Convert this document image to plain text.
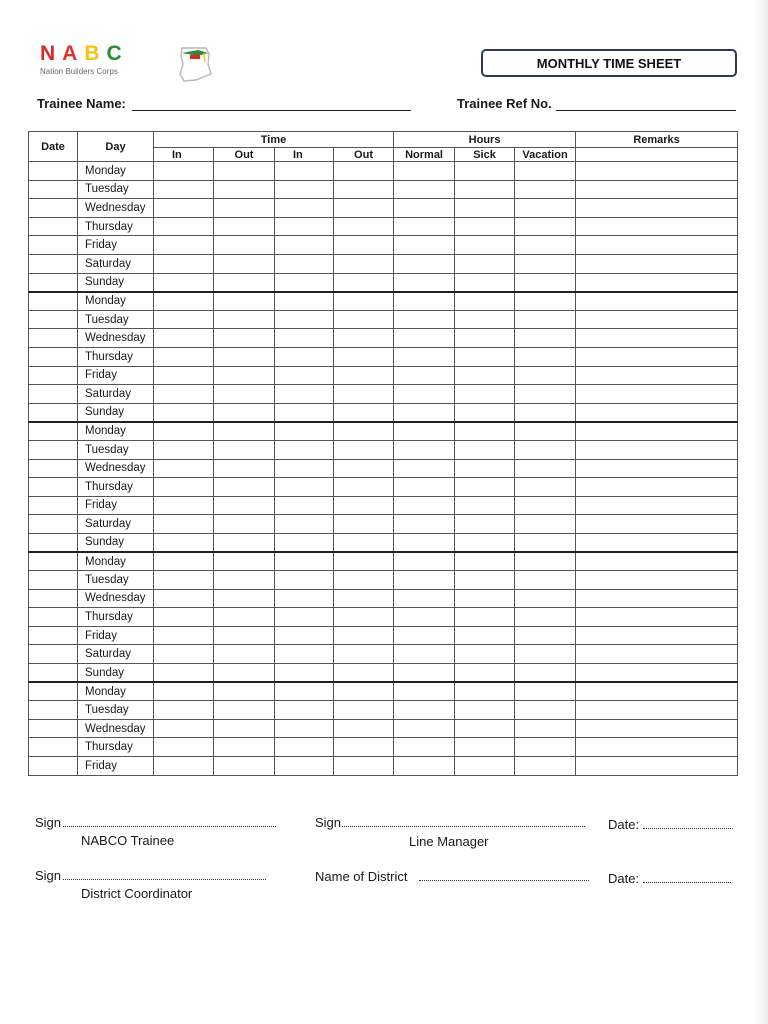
NABC
Nation Builders Corps
MONTHLY TIME SHEET
Trainee Name:	Trainee Ref No.
Date	Day	Time				Hours			Remarks
		In	Out	In	Out	Normal	Sick	Vacation	
	Monday								
	Tuesday								
	Wednesday								
	Thursday								
	Friday								
	Saturday								
	Sunday								
	Monday								
	Tuesday								
	Wednesday								
	Thursday								
	Friday								
	Saturday								
	Sunday								
	Monday								
	Tuesday								
	Wednesday								
	Thursday								
	Friday								
	Saturday								
	Sunday								
	Monday								
	Tuesday								
	Wednesday								
	Thursday								
	Friday								
	Saturday								
	Sunday								
	Monday								
	Tuesday								
	Wednesday								
	Thursday								
	Friday								
Sign
NABCO Trainee
Sign
Line Manager
Date:
Sign
District Coordinator
Name of District	Date:
